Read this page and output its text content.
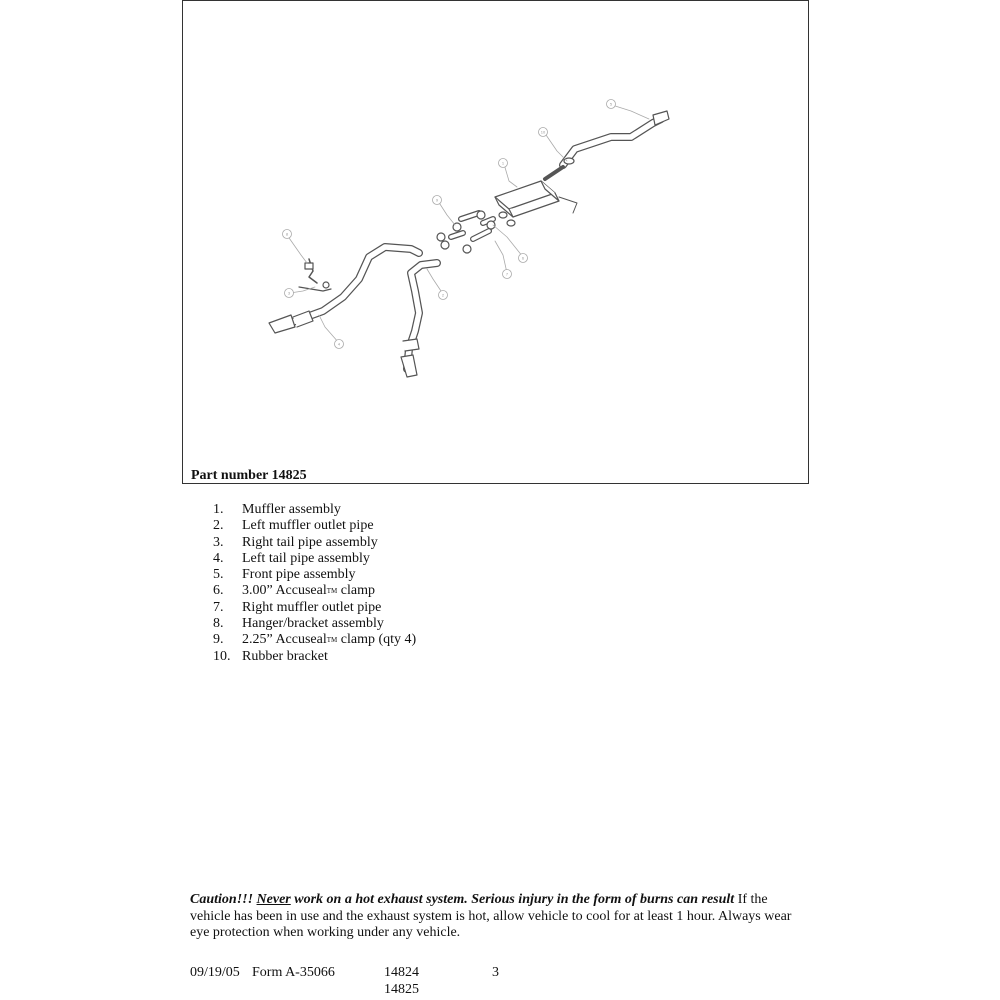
5
10
1
9
7
6
8
3
4
2
Part number 14825
1.	Muffler assembly
2.	Left muffler outlet pipe
3.	Right tail pipe assembly
4.	Left tail pipe assembly
5.	Front pipe assembly
6.	3.00” AccusealTM clamp
7.	Right muffler outlet pipe
8.	Hanger/bracket assembly
9.	2.25” AccusealTM clamp (qty 4)
10. Rubber bracket

Caution!!! Never work on a hot exhaust system. Serious injury in the form of burns can result If the vehicle has been in use and the exhaust system is hot, allow vehicle to cool for at least 1 hour. Always wear eye protection when working under any vehicle.

09/19/05 Form A-35066	14824
14825
3
